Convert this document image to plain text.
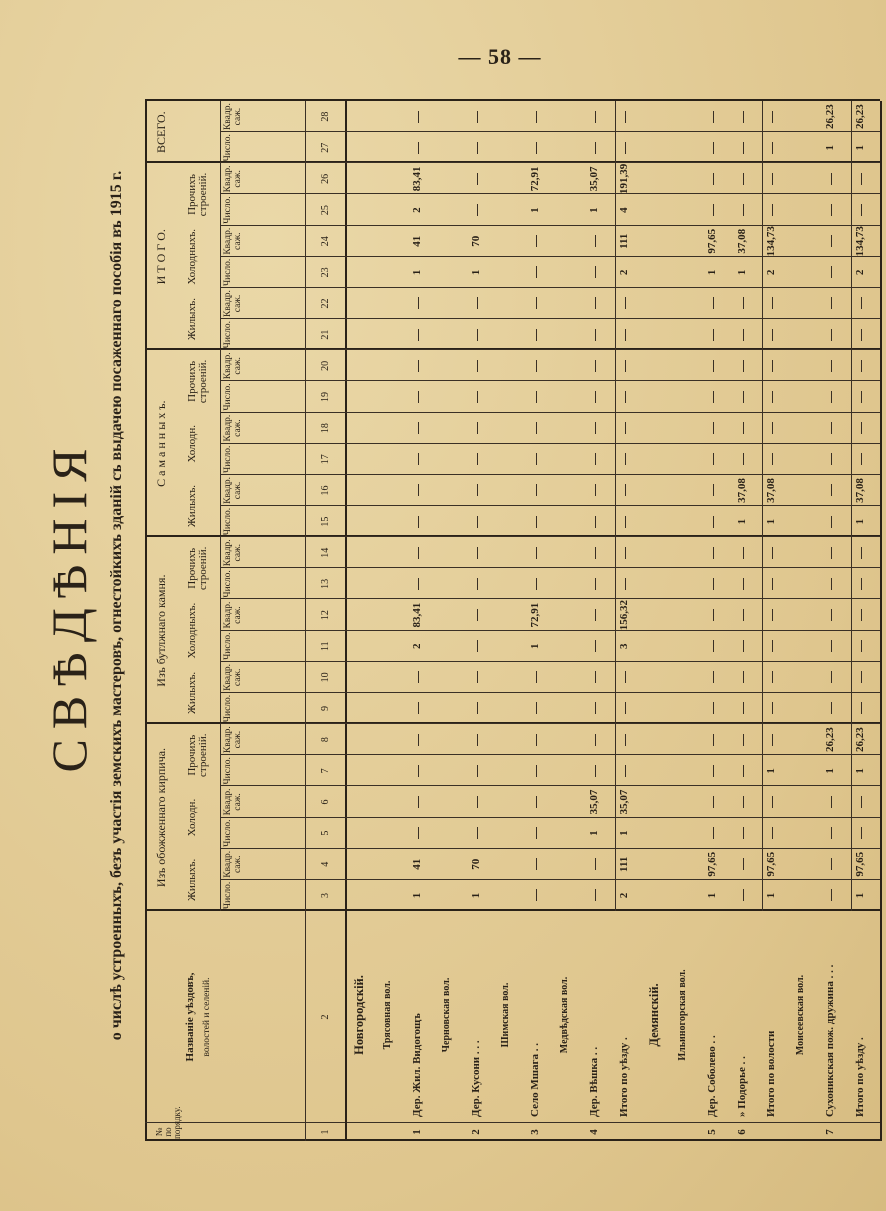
— 58 —
СВѢДѢНІЯ о числѣ устроенныхъ, безъ участія земскихъ мастеровъ, огнестойкихъ зданій съ выдачею посаженнаго пособія въ 1915 г. Изъ обожженнаго кирпича.
Изъ бутлжнаго камня.
С а м а н н ы х ъ.
И Т О Г О.
ВСЕГО.
Жилыхъ.
Холодн.
Прочихъ строеній.
Жилыхъ.
Холодныхъ.
Прочихъ строеній.
Жилыхъ.
Холодн.
Прочихъ строеній.
Жилыхъ.
Холодныхъ.
Прочихъ строеній.
Число.
Квадр. саж.
Число.
Квадр. саж.
Число.
Квадр. саж.
Число.
Квадр. саж.
Число.
Квадр. саж.
Число.
Квадр. саж.
Число.
Квадр. саж.
Число.
Квадр. саж.
Число.
Квадр. саж.
Число.
Квадр. саж.
Число.
Квадр. саж.
Число.
Квадр. саж.
Число.
Квадр. саж.
1
2
3
4
5
6
7
8
9
10
11
12
13
14
15
16
17
18
19
20
21
22
23
24
25
26
27
28
№ по порядку.
Названіе уѣздовъ, волостей и селеній.	Новгородскій. Трясовная вол.
1
Дер. Жил. Видогощъ
1
41
2
83,41
1
41
2
83,41
Черновская вол.
2
Дер. Кусони . . .
1
70
1
70
Шимская вол.
3
Село Мшага . .
1
72,91
1
72,91
Медвѣдская вол.
4
Дер. Вѣшка . .
1
35,07
1
35,07
Итого по уѣзду .
2
111
1
35,07
3
156,32
2
111
4
191,39
Демянскій. Ильиногорская вол.
5
Дер. Соболево . .
1
97,65
1
97,65
6
» Подорье . .
1
37,08
1
37,08
Итого по волости
1
97,65
1
1
37,08
2
134,73
Моисеевская вол.
7
Сухоникская пож. дружина . . .
1
26,23
1
26,23
Итого по уѣзду .
1
97,65
1
26,23
1
37,08
2
134,73
1
26,23
